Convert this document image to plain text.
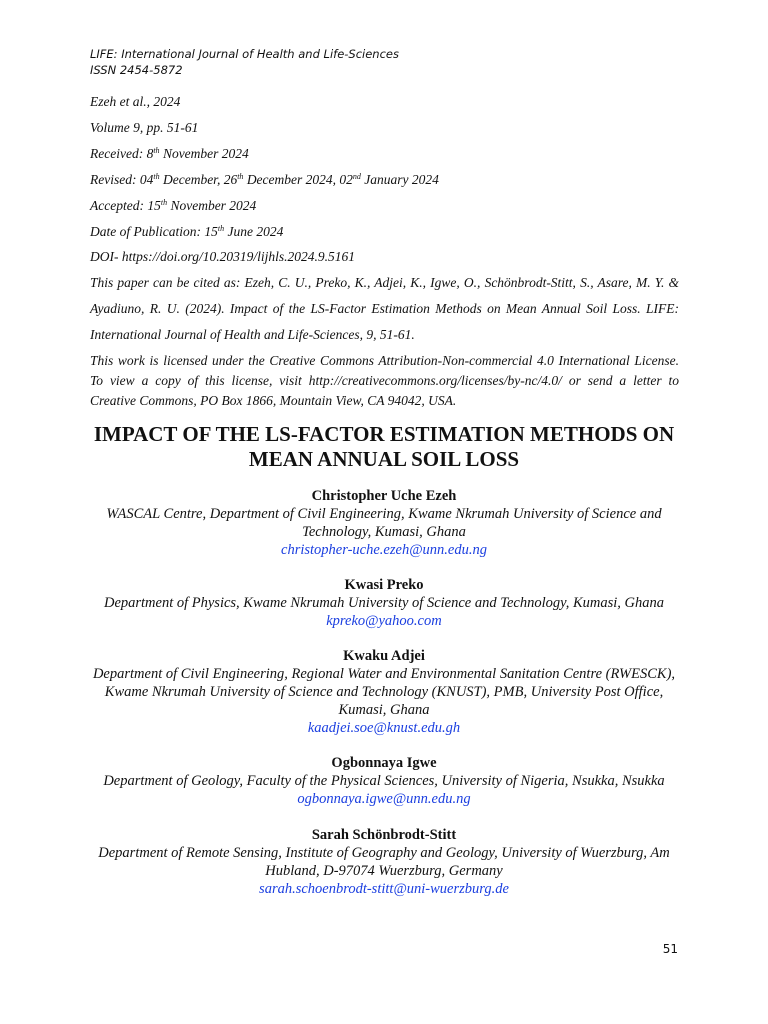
LIFE: International Journal of Health and Life-Sciences
ISSN 2454-5872
Ezeh et al., 2024
Volume 9, pp. 51-61
Received: 8th November 2024
Revised: 04th December, 26th December 2024, 02nd January 2024
Accepted: 15th November 2024
Date of Publication: 15th June 2024
DOI- https://doi.org/10.20319/lijhls.2024.9.5161
This paper can be cited as: Ezeh, C. U., Preko, K., Adjei, K., Igwe, O., Schönbrodt-Stitt, S., Asare, M. Y. & Ayadiuno, R. U. (2024). Impact of the LS-Factor Estimation Methods on Mean Annual Soil Loss. LIFE: International Journal of Health and Life-Sciences, 9, 51-61.
This work is licensed under the Creative Commons Attribution-Non-commercial 4.0 International License. To view a copy of this license, visit http://creativecommons.org/licenses/by-nc/4.0/ or send a letter to Creative Commons, PO Box 1866, Mountain View, CA 94042, USA.
IMPACT OF THE LS-FACTOR ESTIMATION METHODS ON MEAN ANNUAL SOIL LOSS
Christopher Uche Ezeh
WASCAL Centre, Department of Civil Engineering, Kwame Nkrumah University of Science and Technology, Kumasi, Ghana
christopher-uche.ezeh@unn.edu.ng
Kwasi Preko
Department of Physics, Kwame Nkrumah University of Science and Technology, Kumasi, Ghana
kpreko@yahoo.com
Kwaku Adjei
Department of Civil Engineering, Regional Water and Environmental Sanitation Centre (RWESCK), Kwame Nkrumah University of Science and Technology (KNUST), PMB, University Post Office, Kumasi, Ghana
kaadjei.soe@knust.edu.gh
Ogbonnaya Igwe
Department of Geology, Faculty of the Physical Sciences, University of Nigeria, Nsukka, Nsukka
ogbonnaya.igwe@unn.edu.ng
Sarah Schönbrodt-Stitt
Department of Remote Sensing, Institute of Geography and Geology, University of Wuerzburg, Am Hubland, D-97074 Wuerzburg, Germany
sarah.schoenbrodt-stitt@uni-wuerzburg.de
51
